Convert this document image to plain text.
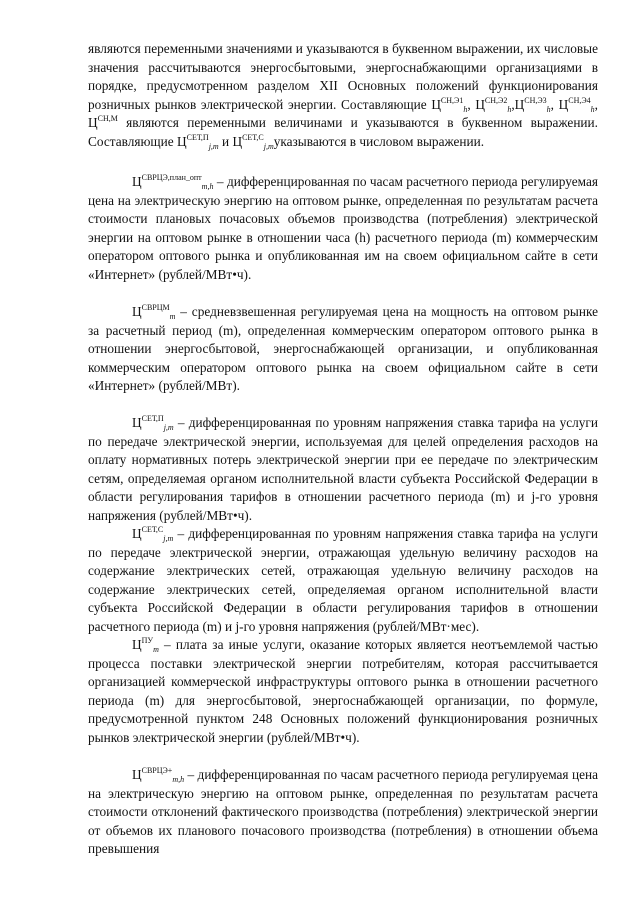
являются переменными значениями и указываются в буквенном выражении, их числовые значения рассчитываются энергосбытовыми, энергоснабжающими организациями в порядке, предусмотренном разделом XII Основных положений функционирования розничных рынков электрической энергии. Составляющие $Ц^{СН,Э1}_h$, $Ц^{СН,Э2}_h,Ц^{СН,Э3}_h$, $Ц^{СН,Э4}_h$, $Ц^{СН,М}$ являются переменными величинами и указываются в буквенном выражении. Составляющие $Ц^{СЕТ,П}_{j,m}$ и $Ц^{СЕТ,С}_{j,m}указываются$ в числовом выражении.

$Ц^{СВРЦЭ,план\_опт}_{m,h}$ – дифференцированная по часам расчетного периода регулируемая цена на электрическую энергию на оптовом рынке, определенная по результатам расчета стоимости плановых почасовых объемов производства (потребления) электрической энергии на оптовом рынке в отношении часа (h) расчетного периода (m) коммерческим оператором оптового рынка и опубликованная им на своем официальном сайте в сети «Интернет» (рублей/МВт•ч).

$Ц^{СВРЦМ}_m$ – средневзвешенная регулируемая цена на мощность на оптовом рынке за расчетный период (m), определенная коммерческим оператором оптового рынка в отношении энергосбытовой, энергоснабжающей организации, и опубликованная коммерческим оператором оптового рынка на своем официальном сайте в сети «Интернет» (рублей/МВт).

$Ц^{СЕТ,П}_{j,m}$ – дифференцированная по уровням напряжения ставка тарифа на услуги по передаче электрической энергии, используемая для целей определения расходов на оплату нормативных потерь электрической энергии при ее передаче по электрическим сетям, определяемая органом исполнительной власти субъекта Российской Федерации в области регулирования тарифов в отношении расчетного периода (m) и j-го уровня напряжения (рублей/МВт•ч).

$Ц^{СЕТ,С}_{j,m}$ – дифференцированная по уровням напряжения ставка тарифа на услуги по передаче электрической энергии, отражающая удельную величину расходов на содержание электрических сетей, отражающая удельную величину расходов на содержание электрических сетей, определяемая органом исполнительной власти субъекта Российской Федерации в области регулирования тарифов в отношении расчетного периода (m) и j-го уровня напряжения (рублей/МВт·мес).

$Ц^{ПУ}_m$ – плата за иные услуги, оказание которых является неотъемлемой частью процесса поставки электрической энергии потребителям, которая рассчитывается организацией коммерческой инфраструктуры оптового рынка в отношении расчетного периода (m) для энергосбытовой, энергоснабжающей организации, по формуле, предусмотренной пунктом 248 Основных положений функционирования розничных рынков электрической энергии (рублей/МВт•ч).

$Ц^{СВРЦЭ+}_{m,h}$ – дифференцированная по часам расчетного периода регулируемая цена на электрическую энергию на оптовом рынке, определенная по результатам расчета стоимости отклонений фактического производства (потребления) электрической энергии от объемов их планового почасового производства (потребления) в отношении объема превышения
